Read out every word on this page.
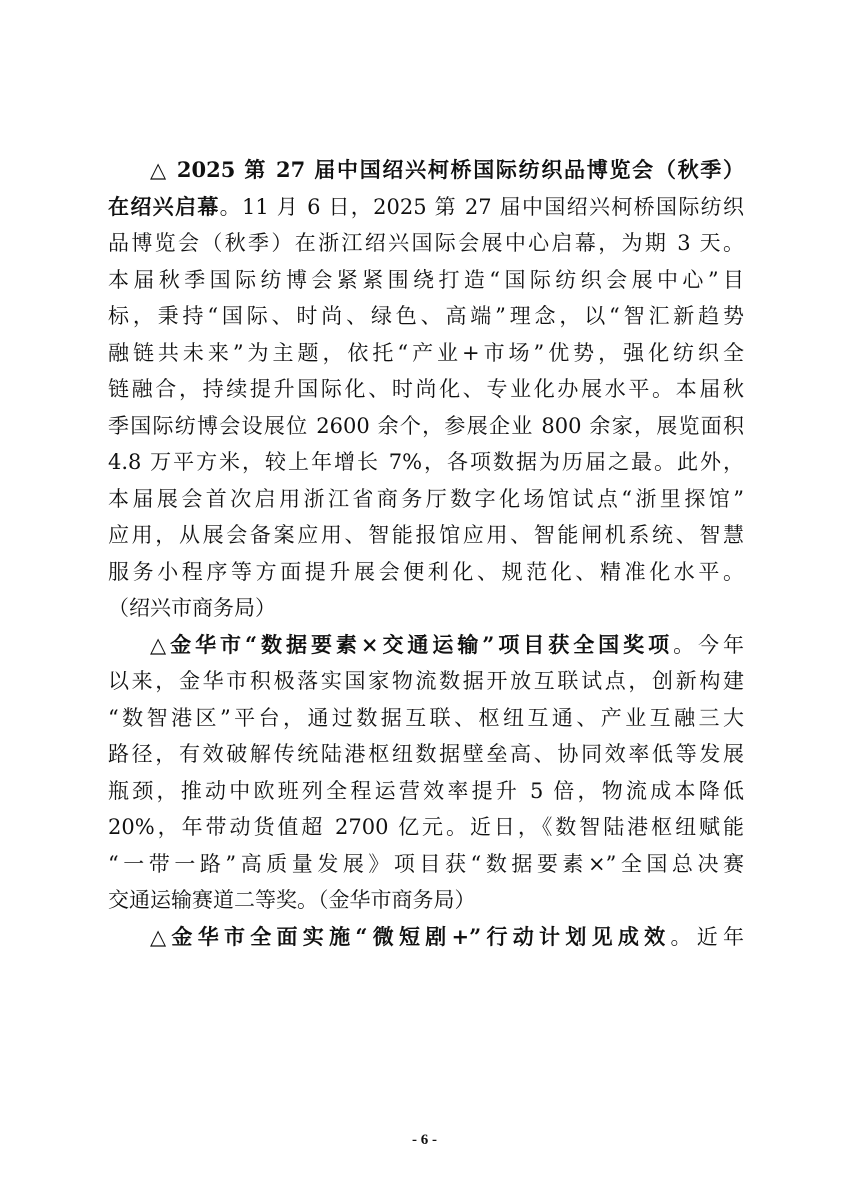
△ 2025 第 27 届中国绍兴柯桥国际纺织品博览会（秋季）
在绍兴启幕。11 月 6 日，2025 第 27 届中国绍兴柯桥国际纺织
品博览会（秋季）在浙江绍兴国际会展中心启幕，为期 3 天。
本届秋季国际纺博会紧紧围绕打造“国际纺织会展中心”目
标，秉持“国际、时尚、绿色、高端”理念，以“智汇新趋势
融链共未来”为主题，依托“产业+市场”优势，强化纺织全
链融合，持续提升国际化、时尚化、专业化办展水平。本届秋
季国际纺博会设展位 2600 余个，参展企业 800 余家，展览面积
4.8 万平方米，较上年增长 7%，各项数据为历届之最。此外，
本届展会首次启用浙江省商务厅数字化场馆试点“浙里探馆”
应用，从展会备案应用、智能报馆应用、智能闸机系统、智慧
服务小程序等方面提升展会便利化、规范化、精准化水平。
（绍兴市商务局）
△金华市“数据要素×交通运输”项目获全国奖项。今年
以来，金华市积极落实国家物流数据开放互联试点，创新构建
“数智港区”平台，通过数据互联、枢纽互通、产业互融三大
路径，有效破解传统陆港枢纽数据壁垒高、协同效率低等发展
瓶颈，推动中欧班列全程运营效率提升 5 倍，物流成本降低
20%，年带动货值超 2700 亿元。近日，《数智陆港枢纽赋能
“一带一路”高质量发展》项目获“数据要素×”全国总决赛
交通运输赛道二等奖。（金华市商务局）
△金华市全面实施“微短剧+”行动计划见成效。近年
- 6 -
